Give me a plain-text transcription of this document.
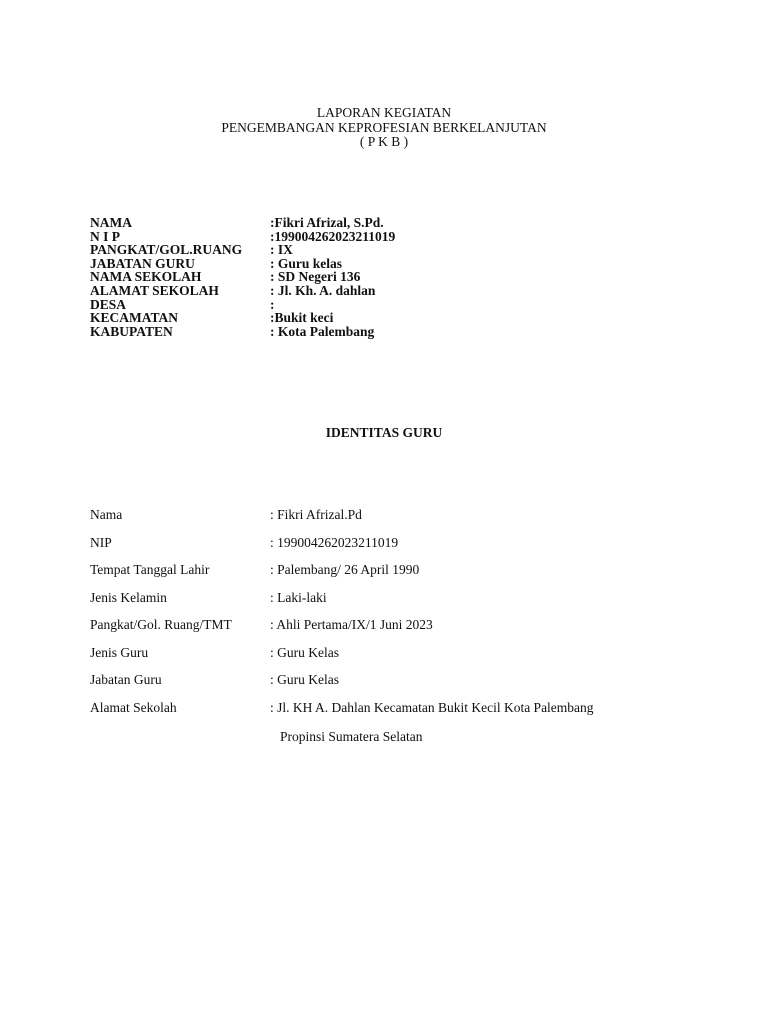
LAPORAN KEGIATAN
PENGEMBANGAN KEPROFESIAN BERKELANJUTAN
( P K B )
NAMA	:Fikri Afrizal, S.Pd.
N I P	:199004262023211019
PANGKAT/GOL.RUANG	: IX
JABATAN GURU	: Guru kelas
NAMA SEKOLAH	: SD Negeri 136
ALAMAT SEKOLAH	: Jl. Kh. A. dahlan
DESA	:
KECAMATAN	:Bukit keci
KABUPATEN	: Kota Palembang
IDENTITAS GURU
Nama	: Fikri Afrizal.Pd
NIP	: 199004262023211019
Tempat Tanggal Lahir	: Palembang/ 26 April 1990
Jenis Kelamin	: Laki-laki
Pangkat/Gol. Ruang/TMT	: Ahli Pertama/IX/1 Juni 2023
Jenis Guru	: Guru Kelas
Jabatan Guru	: Guru Kelas
Alamat Sekolah	: Jl. KH A. Dahlan Kecamatan Bukit Kecil Kota Palembang
Propinsi Sumatera Selatan
